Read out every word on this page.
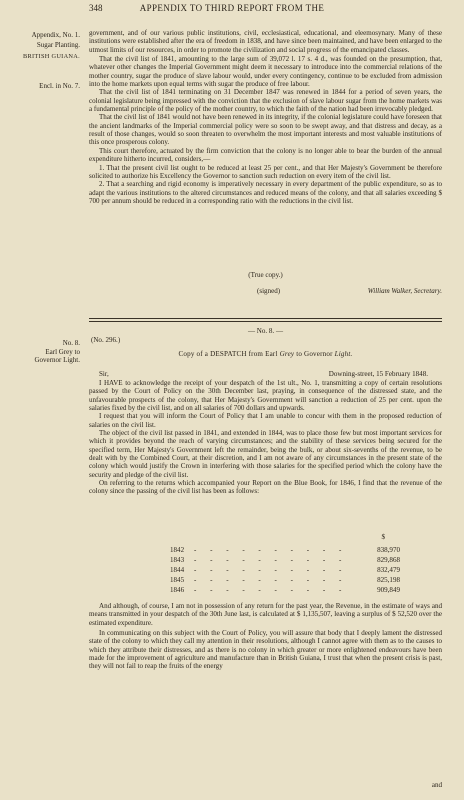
348	APPENDIX TO THIRD REPORT FROM THE
Appendix, No. 1.
Sugar Planting.
BRITISH GUIANA.
Encl. in No. 7.
No. 8.
Earl Grey to
Governor Light.

government, and of our various public institutions, civil, ecclesiastical, educational, and eleemosynary. Many of these institutions were established after the era of freedom in 1838, and have since been maintained, and have been enlarged to the utmost limits of our resources, in order to promote the civilization and social progress of the emancipated classes.

That the civil list of 1841, amounting to the large sum of 39,072 l. 17 s. 4 d., was founded on the presumption, that, whatever other changes the Imperial Government might deem it necessary to introduce into the commercial relations of the mother country, sugar the produce of slave labour would, under every contingency, continue to be excluded from admission into the home markets upon equal terms with sugar the produce of free labour.

That the civil list of 1841 terminating on 31 December 1847 was renewed in 1844 for a period of seven years, the colonial legislature being impressed with the conviction that the exclusion of slave labour sugar from the home markets was a fundamental principle of the policy of the mother country, to which the faith of the nation had been irrevocably pledged.

That the civil list of 1841 would not have been renewed in its integrity, if the colonial legislature could have foreseen that the ancient landmarks of the Imperial commercial policy were so soon to be swept away, and that distress and decay, as a result of those changes, would so soon threaten to overwhelm the most important interests and most valuable institutions of this once prosperous colony.

This court therefore, actuated by the firm conviction that the colony is no longer able to bear the burden of the annual expenditure hitherto incurred, considers,—

1. That the present civil list ought to be reduced at least 25 per cent., and that Her Majesty's Government be therefore solicited to authorize his Excellency the Governor to sanction such reduction on every item of the civil list.

2. That a searching and rigid economy is imperatively necessary in every department of the public expenditure, so as to adapt the various institutions to the altered circumstances and reduced means of the colony, and that all salaries exceeding $ 700 per annum should be reduced in a corresponding ratio with the reductions in the civil list.

(True copy.)
(signed)	William Walker, Secretary.
— No. 8. —
(No. 296.)
Copy of a DESPATCH from Earl Grey to Governor Light.
Sir,	Downing-street, 15 February 1848.

I HAVE to acknowledge the receipt of your despatch of the 1st ult., No. 1, transmitting a copy of certain resolutions passed by the Court of Policy on the 30th December last, praying, in consequence of the distressed state, and the unfavourable prospects of the colony, that Her Majesty's Government will sanction a reduction of 25 per cent. upon the salaries fixed by the civil list, and on all salaries of 700 dollars and upwards.

I request that you will inform the Court of Policy that I am unable to concur with them in the proposed reduction of salaries on the civil list.

The object of the civil list passed in 1841, and extended in 1844, was to place those few but most important services for which it provides beyond the reach of varying circumstances; and the stability of these services being secured for the specified term, Her Majesty's Government left the remainder, being the bulk, or about six-sevenths of the revenue, to be dealt with by the Combined Court, at their discretion, and I am not aware of any circumstances in the present state of the colony which would justify the Crown in interfering with those salaries for the specified period which the colony have the security and pledge of the civil list.

On referring to the returns which accompanied your Report on the Blue Book, for 1846, I find that the revenue of the colony since the passing of the civil list has been as follows:

$
1842 - - - - - - - - - -	838,970
1843 - - - - - - - - - -	829,868
1844 - - - - - - - - - -	832,479
1845 - - - - - - - - - -	825,198
1846 - - - - - - - - - -	909,849

And although, of course, I am not in possession of any return for the past year, the Revenue, in the estimate of ways and means transmitted in your despatch of the 30th June last, is calculated at $ 1,135,507, leaving a surplus of $ 52,520 over the estimated expenditure.

In communicating on this subject with the Court of Policy, you will assure that body that I deeply lament the distressed state of the colony to which they call my attention in their resolutions, although I cannot agree with them as to the causes to which they attribute their distresses, and as there is no colony in which greater or more enlightened endeavours have been made for the improvement of agriculture and manufacture than in British Guiana, I trust that when the present crisis is past, they will not fail to reap the fruits of the energy

and
